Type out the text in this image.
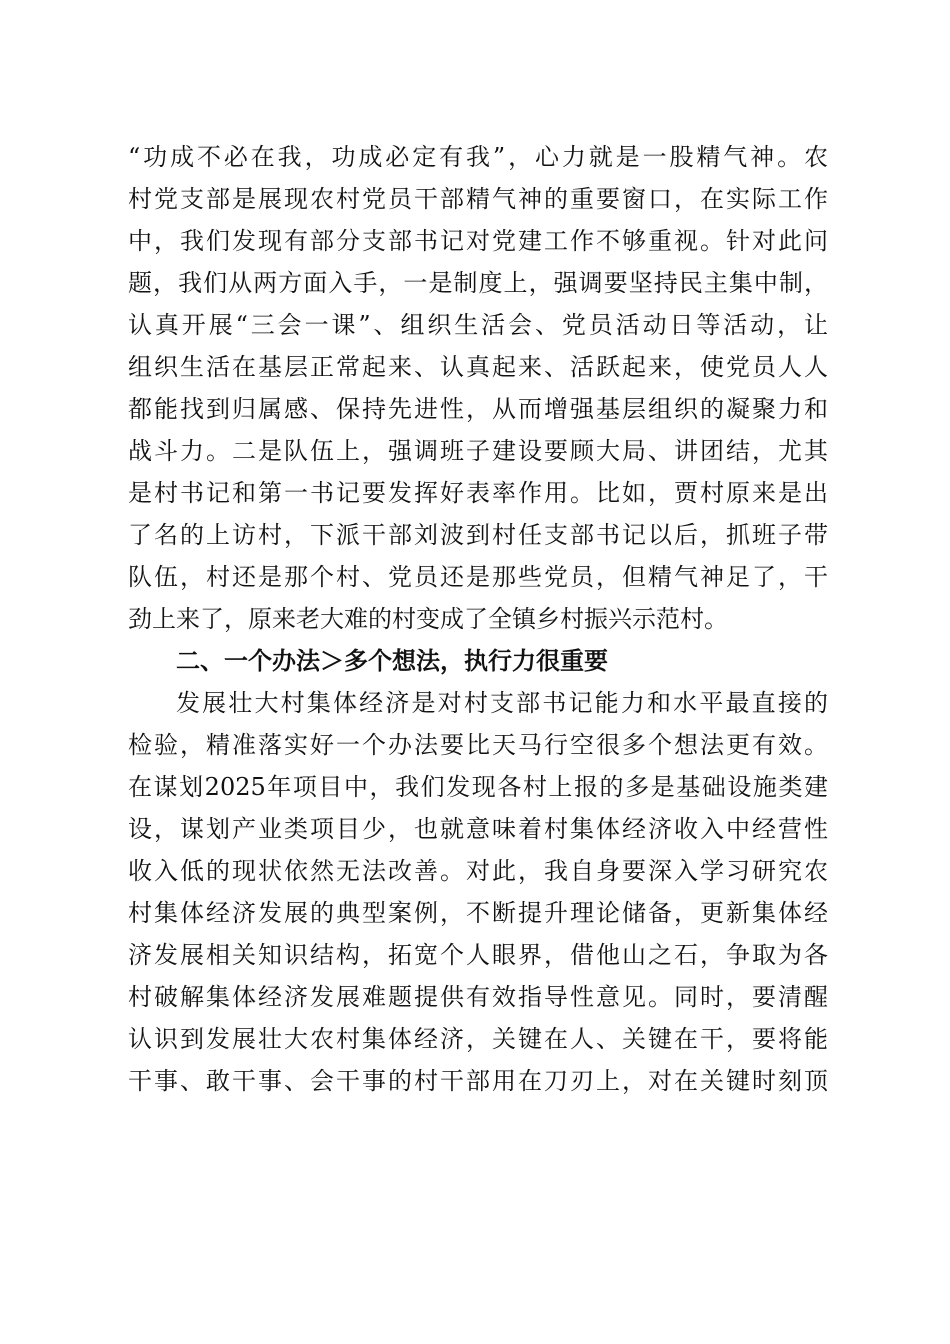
“功成不必在我，功成必定有我”，心力就是一股精气神。农
村党支部是展现农村党员干部精气神的重要窗口，在实际工作
中，我们发现有部分支部书记对党建工作不够重视。针对此问
题，我们从两方面入手，一是制度上，强调要坚持民主集中制，
认真开展“三会一课”、组织生活会、党员活动日等活动，让
组织生活在基层正常起来、认真起来、活跃起来，使党员人人
都能找到归属感、保持先进性，从而增强基层组织的凝聚力和
战斗力。二是队伍上，强调班子建设要顾大局、讲团结，尤其
是村书记和第一书记要发挥好表率作用。比如，贾村原来是出
了名的上访村，下派干部刘波到村任支部书记以后，抓班子带
队伍，村还是那个村、党员还是那些党员，但精气神足了，干
劲上来了，原来老大难的村变成了全镇乡村振兴示范村。
二、一个办法＞多个想法，执行力很重要
发展壮大村集体经济是对村支部书记能力和水平最直接的
检验，精准落实好一个办法要比天马行空很多个想法更有效。
在谋划2025年项目中，我们发现各村上报的多是基础设施类建
设，谋划产业类项目少，也就意味着村集体经济收入中经营性
收入低的现状依然无法改善。对此，我自身要深入学习研究农
村集体经济发展的典型案例，不断提升理论储备，更新集体经
济发展相关知识结构，拓宽个人眼界，借他山之石，争取为各
村破解集体经济发展难题提供有效指导性意见。同时，要清醒
认识到发展壮大农村集体经济，关键在人、关键在干，要将能
干事、敢干事、会干事的村干部用在刀刃上，对在关键时刻顶
